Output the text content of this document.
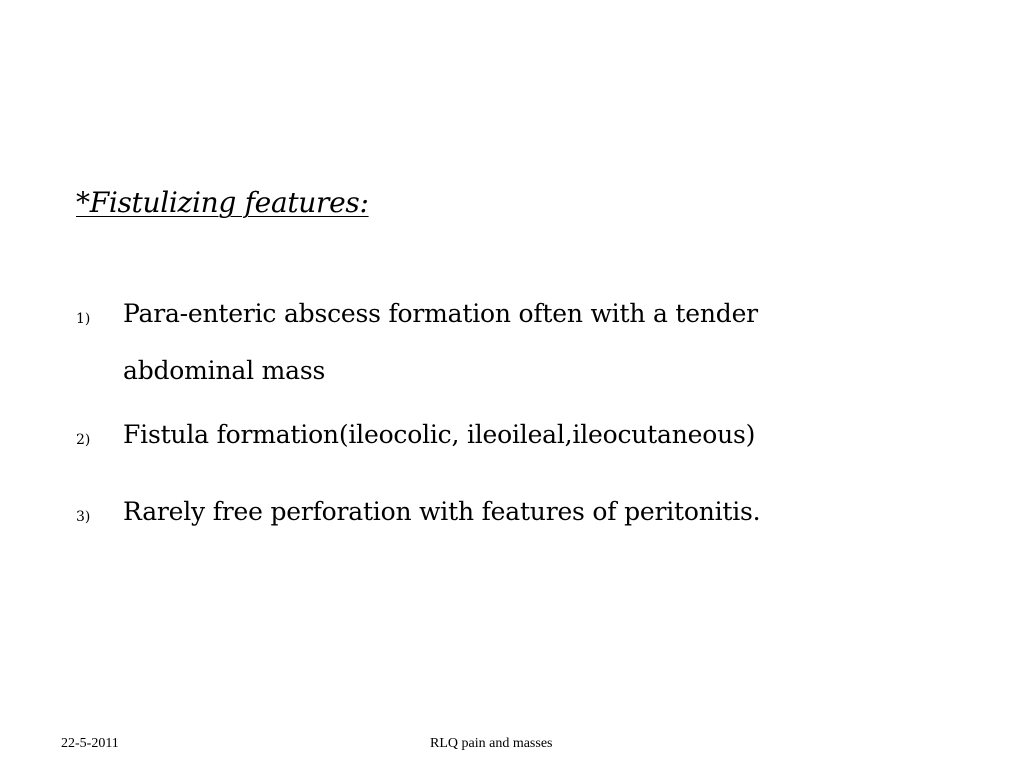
*Fistulizing features:
1) Para-enteric abscess formation often with a tender abdominal mass
2) Fistula formation(ileocolic, ileoileal,ileocutaneous)
3) Rarely free perforation with features of peritonitis.
22-5-2011	RLQ pain and masses
